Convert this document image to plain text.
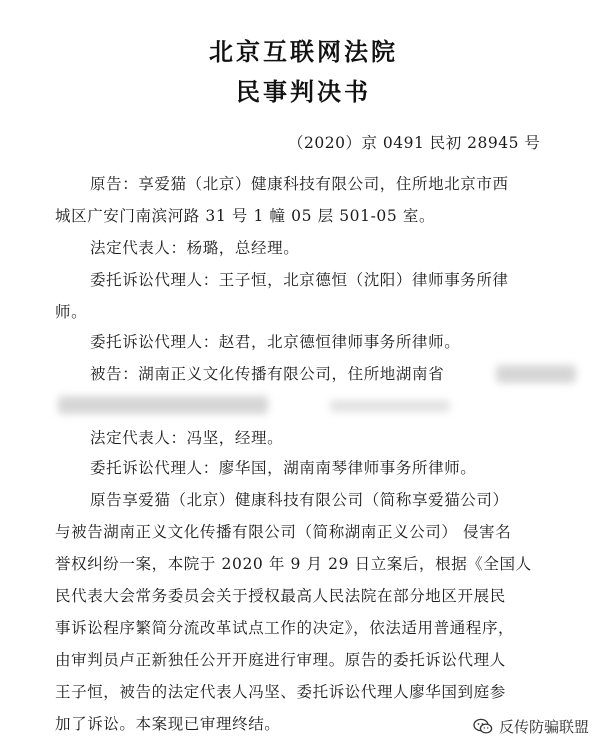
北京互联网法院
民事判决书
（2020）京 0491 民初 28945 号
原告：享爱猫（北京）健康科技有限公司，住所地北京市西
城区广安门南滨河路 31 号 1 幢 05 层 501-05 室。
法定代表人：杨璐，总经理。
委托诉讼代理人：王子恒，北京德恒（沈阳）律师事务所律
师。
委托诉讼代理人：赵君，北京德恒律师事务所律师。
被告：湖南正义文化传播有限公司，住所地湖南省
法定代表人：冯坚，经理。
委托诉讼代理人：廖华国，湖南南琴律师事务所律师。
原告享爱猫（北京）健康科技有限公司（简称享爱猫公司）
与被告湖南正义文化传播有限公司（简称湖南正义公司） 侵害名
誉权纠纷一案，本院于 2020 年 9 月 29 日立案后，根据《全国人
民代表大会常务委员会关于授权最高人民法院在部分地区开展民
事诉讼程序繁简分流改革试点工作的决定》，依法适用普通程序，
由审判员卢正新独任公开开庭进行审理。原告的委托诉讼代理人
王子恒，被告的法定代表人冯坚、委托诉讼代理人廖华国到庭参
加了诉讼。本案现已审理终结。	反传防骗联盟
